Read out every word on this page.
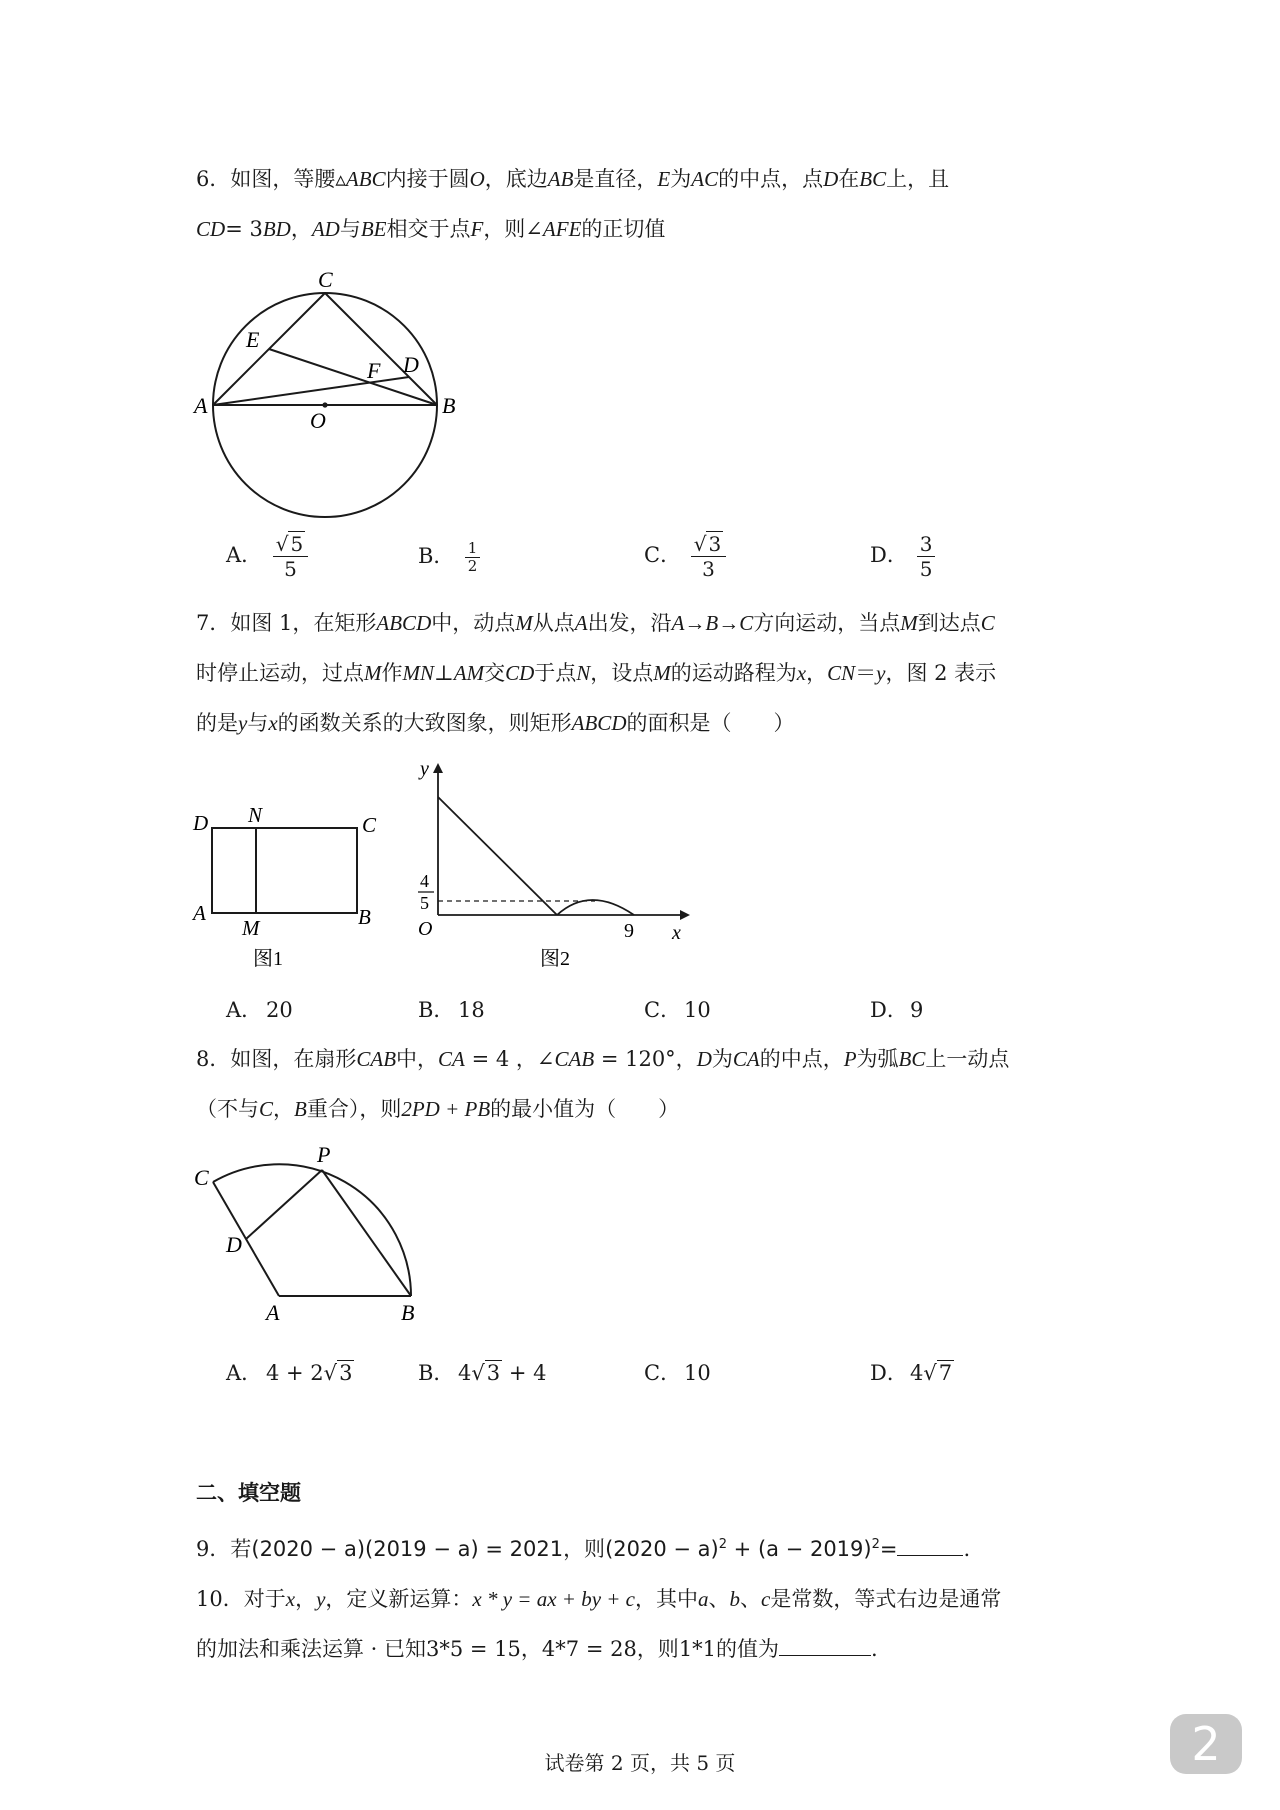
6．如图，等腰▵ABC内接于圆O，底边AB是直径，E为AC的中点，点D在BC上，且
CD= 3BD，AD与BE相交于点F，则∠AFE的正切值
C
E
F D
A
O
B
A． $\frac{√ 5}{5}$	B． $\frac{1}{2}$	C． $\frac{√ 3}{3}$	D． $\frac{3}{5}$
7．如图 1，在矩形ABCD中，动点M从点A出发，沿A→B→C方向运动，当点M到达点C
时停止运动，过点M作MN⊥AM交CD于点N，设点M的运动路程为x，CN＝y，图 2 表示
的是y与x的函数关系的大致图象，则矩形ABCD的面积是（　　）
D N	C
A
M	B
图1
y
x
O
4
5
9
图2
A． 20	B． 18	C． 10	D． 9
8．如图，在扇形CAB中，CA = 4 ，∠CAB = 120°，D为CA的中点，P为弧BC上一动点
（不与C，B重合），则2PD + PB的最小值为（　　）
C
P
D
A	B
A． 4 + 2√3	B． 4√3 + 4	C． 10	D． 4√7
二、填空题
9．若(2020 − a)(2019 − a) = 2021，则$(2020 - a)^2 + (a - 2019)^2=$	.
10．对于x，y，定义新运算：x * y = ax + by + c，其中a、b、c是常数，等式右边是通常
的加法和乘法运算 · 已知3*5 = 15，4*7 = 28，则1*1的值为	.
试卷第 2 页，共 5 页	2
